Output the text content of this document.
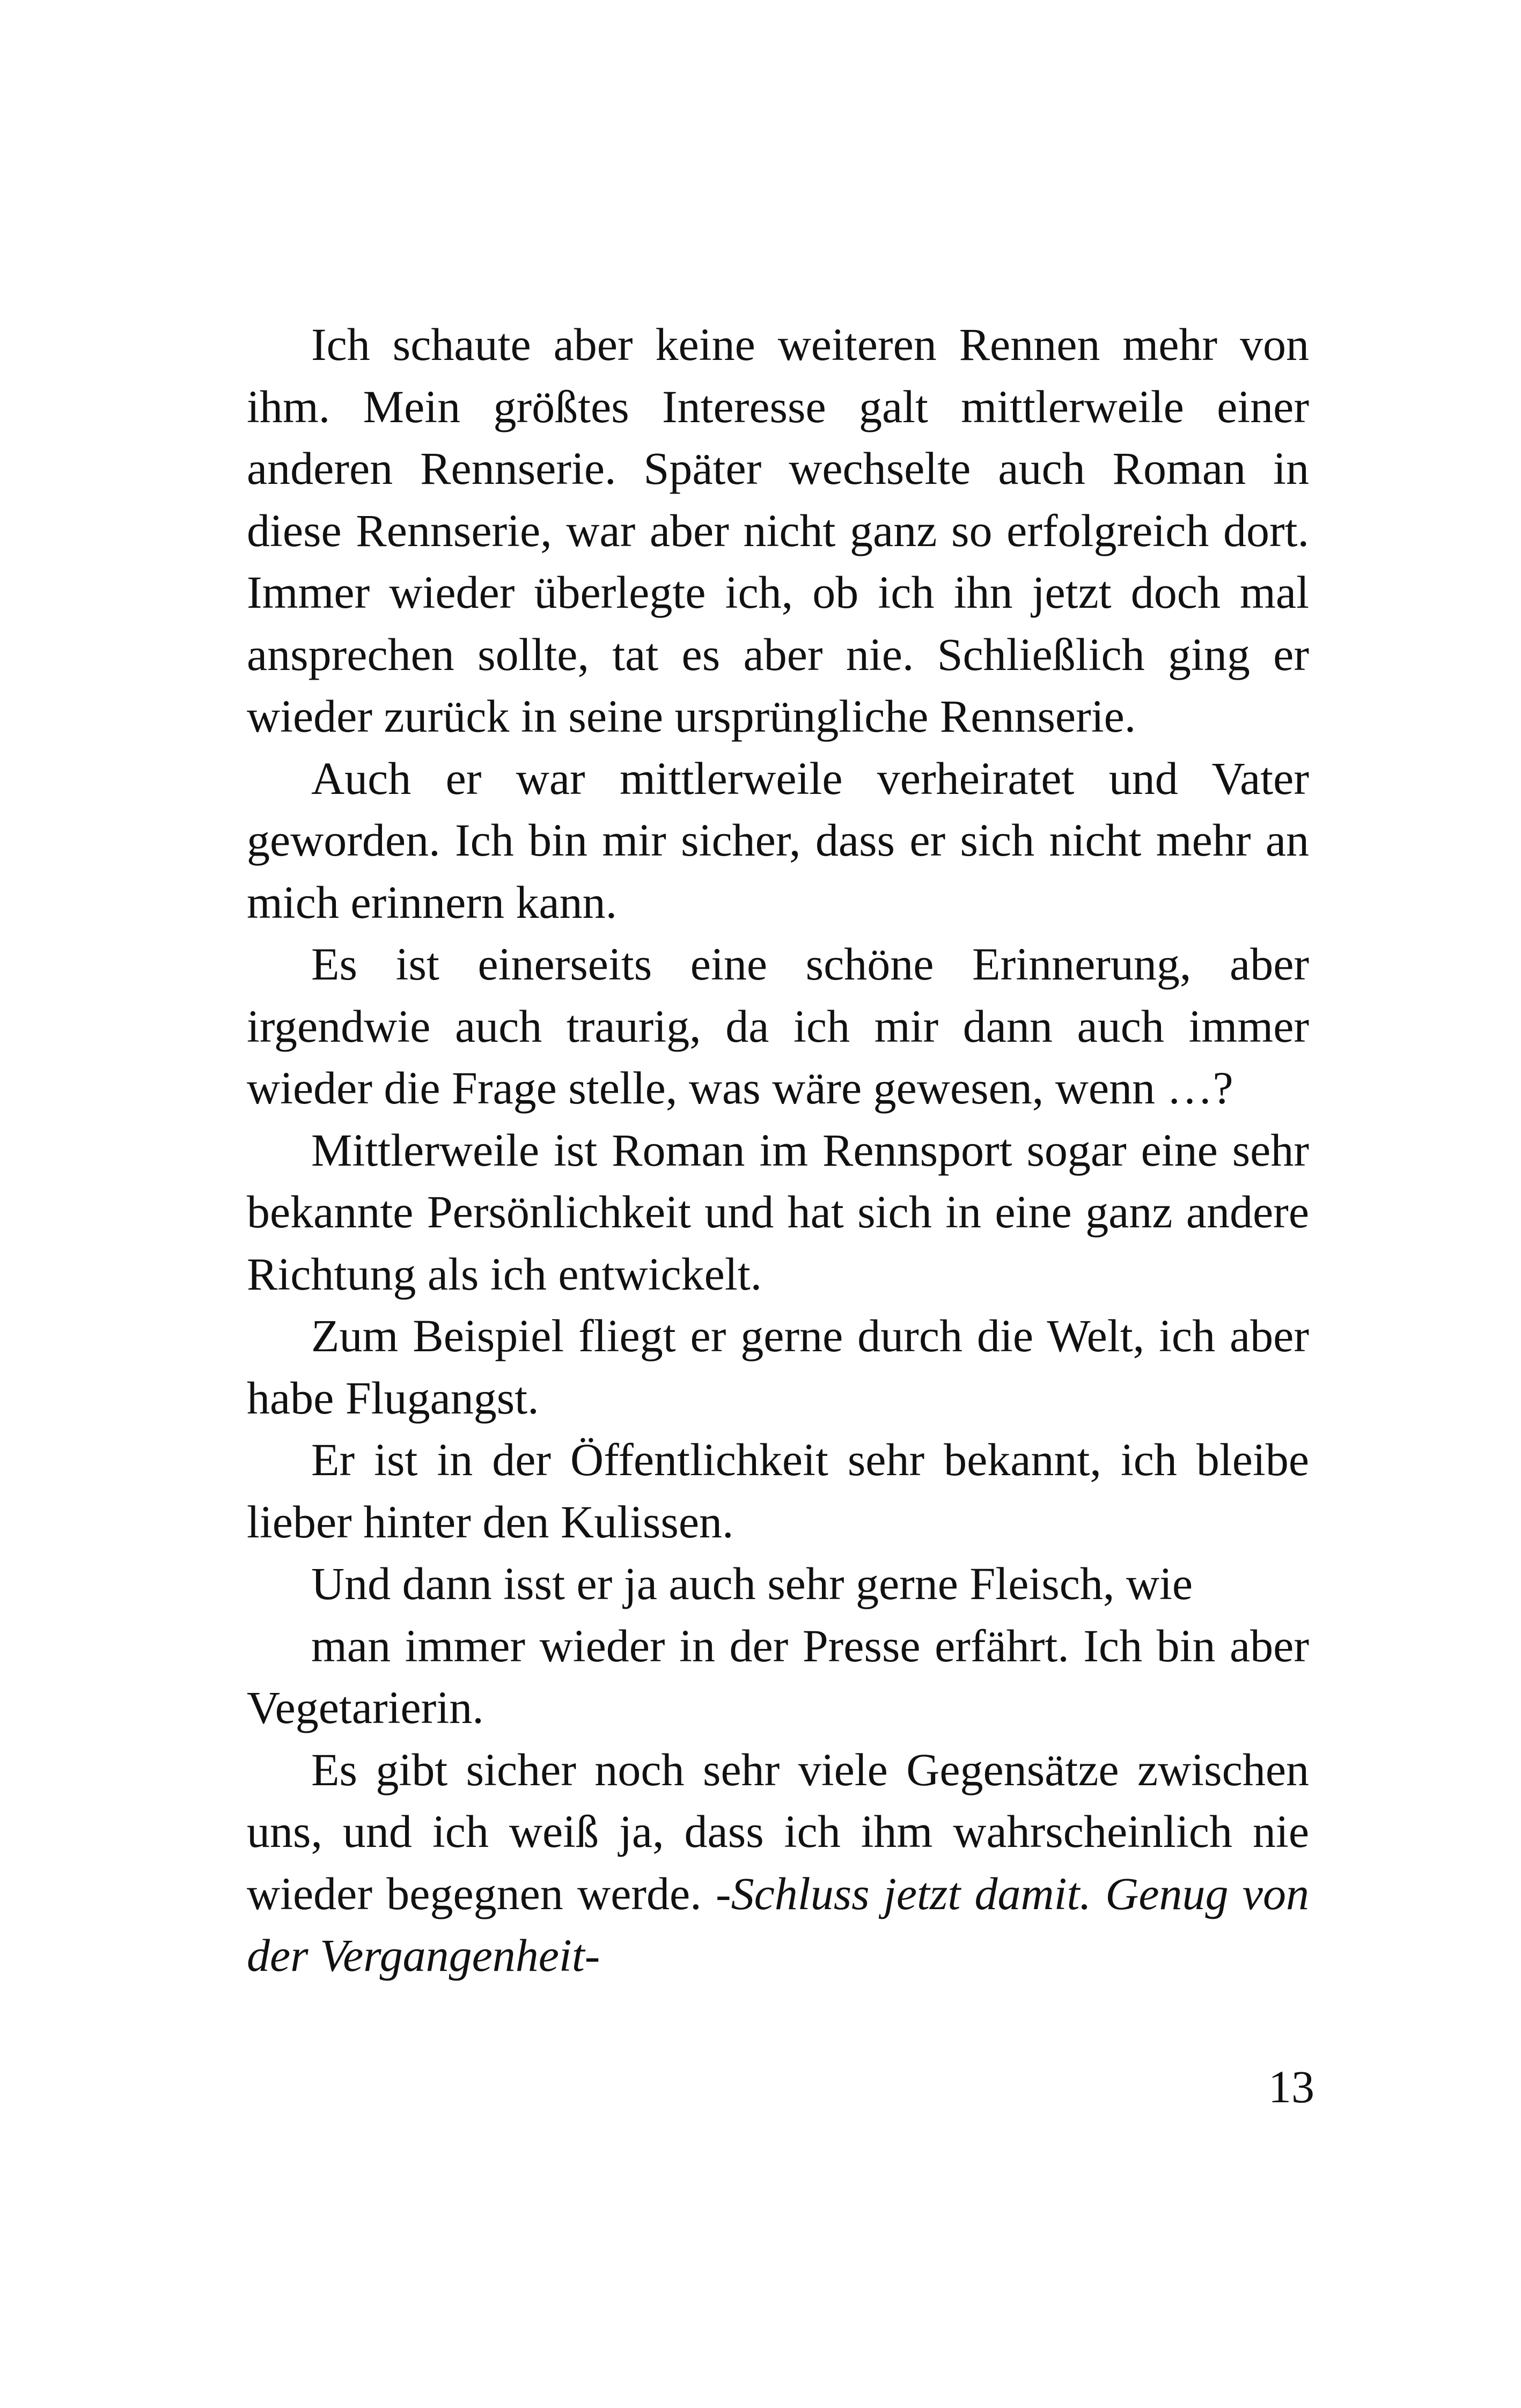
Ich schaute aber keine weiteren Rennen mehr von ihm. Mein größtes Interesse galt mittlerweile einer anderen Rennserie. Später wechselte auch Roman in diese Rennserie, war aber nicht ganz so erfolgreich dort. Immer wieder überlegte ich, ob ich ihn jetzt doch mal ansprechen sollte, tat es aber nie. Schließlich ging er wieder zurück in seine ursprüngliche Rennserie.

Auch er war mittlerweile verheiratet und Vater geworden. Ich bin mir sicher, dass er sich nicht mehr an mich erinnern kann.

Es ist einerseits eine schöne Erinnerung, aber irgendwie auch traurig, da ich mir dann auch immer wieder die Frage stelle, was wäre gewesen, wenn …?

Mittlerweile ist Roman im Rennsport sogar eine sehr bekannte Persönlichkeit und hat sich in eine ganz andere Richtung als ich entwickelt.

Zum Beispiel fliegt er gerne durch die Welt, ich aber habe Flugangst.

Er ist in der Öffentlichkeit sehr bekannt, ich bleibe lieber hinter den Kulissen.

Und dann isst er ja auch sehr gerne Fleisch, wie

man immer wieder in der Presse erfährt. Ich bin aber Vegetarierin.

Es gibt sicher noch sehr viele Gegensätze zwischen uns, und ich weiß ja, dass ich ihm wahrscheinlich nie wieder begegnen werde. -Schluss jetzt damit. Genug von der Vergangenheit-

13
